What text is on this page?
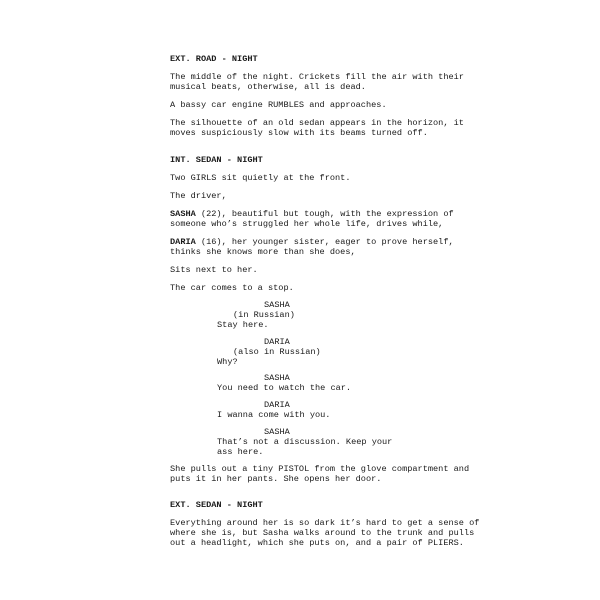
EXT. ROAD - NIGHT

The middle of the night. Crickets fill the air with their

musical beats, otherwise, all is dead.

A bassy car engine RUMBLES and approaches.

The silhouette of an old sedan appears in the horizon, it

moves suspiciously slow with its beams turned off.

INT. SEDAN - NIGHT

Two GIRLS sit quietly at the front.

The driver,

SASHA (22), beautiful but tough, with the expression of

someone who’s struggled her whole life, drives while,

DARIA (16), her younger sister, eager to prove herself,

thinks she knows more than she does,

Sits next to her.

The car comes to a stop.

SASHA

(in Russian)

Stay here.

DARIA

(also in Russian)

Why?

SASHA

You need to watch the car.

DARIA

I wanna come with you.

SASHA

That’s not a discussion. Keep your

ass here.

She pulls out a tiny PISTOL from the glove compartment and

puts it in her pants. She opens her door.

EXT. SEDAN - NIGHT

Everything around her is so dark it’s hard to get a sense of

where she is, but Sasha walks around to the trunk and pulls

out a headlight, which she puts on, and a pair of PLIERS.
